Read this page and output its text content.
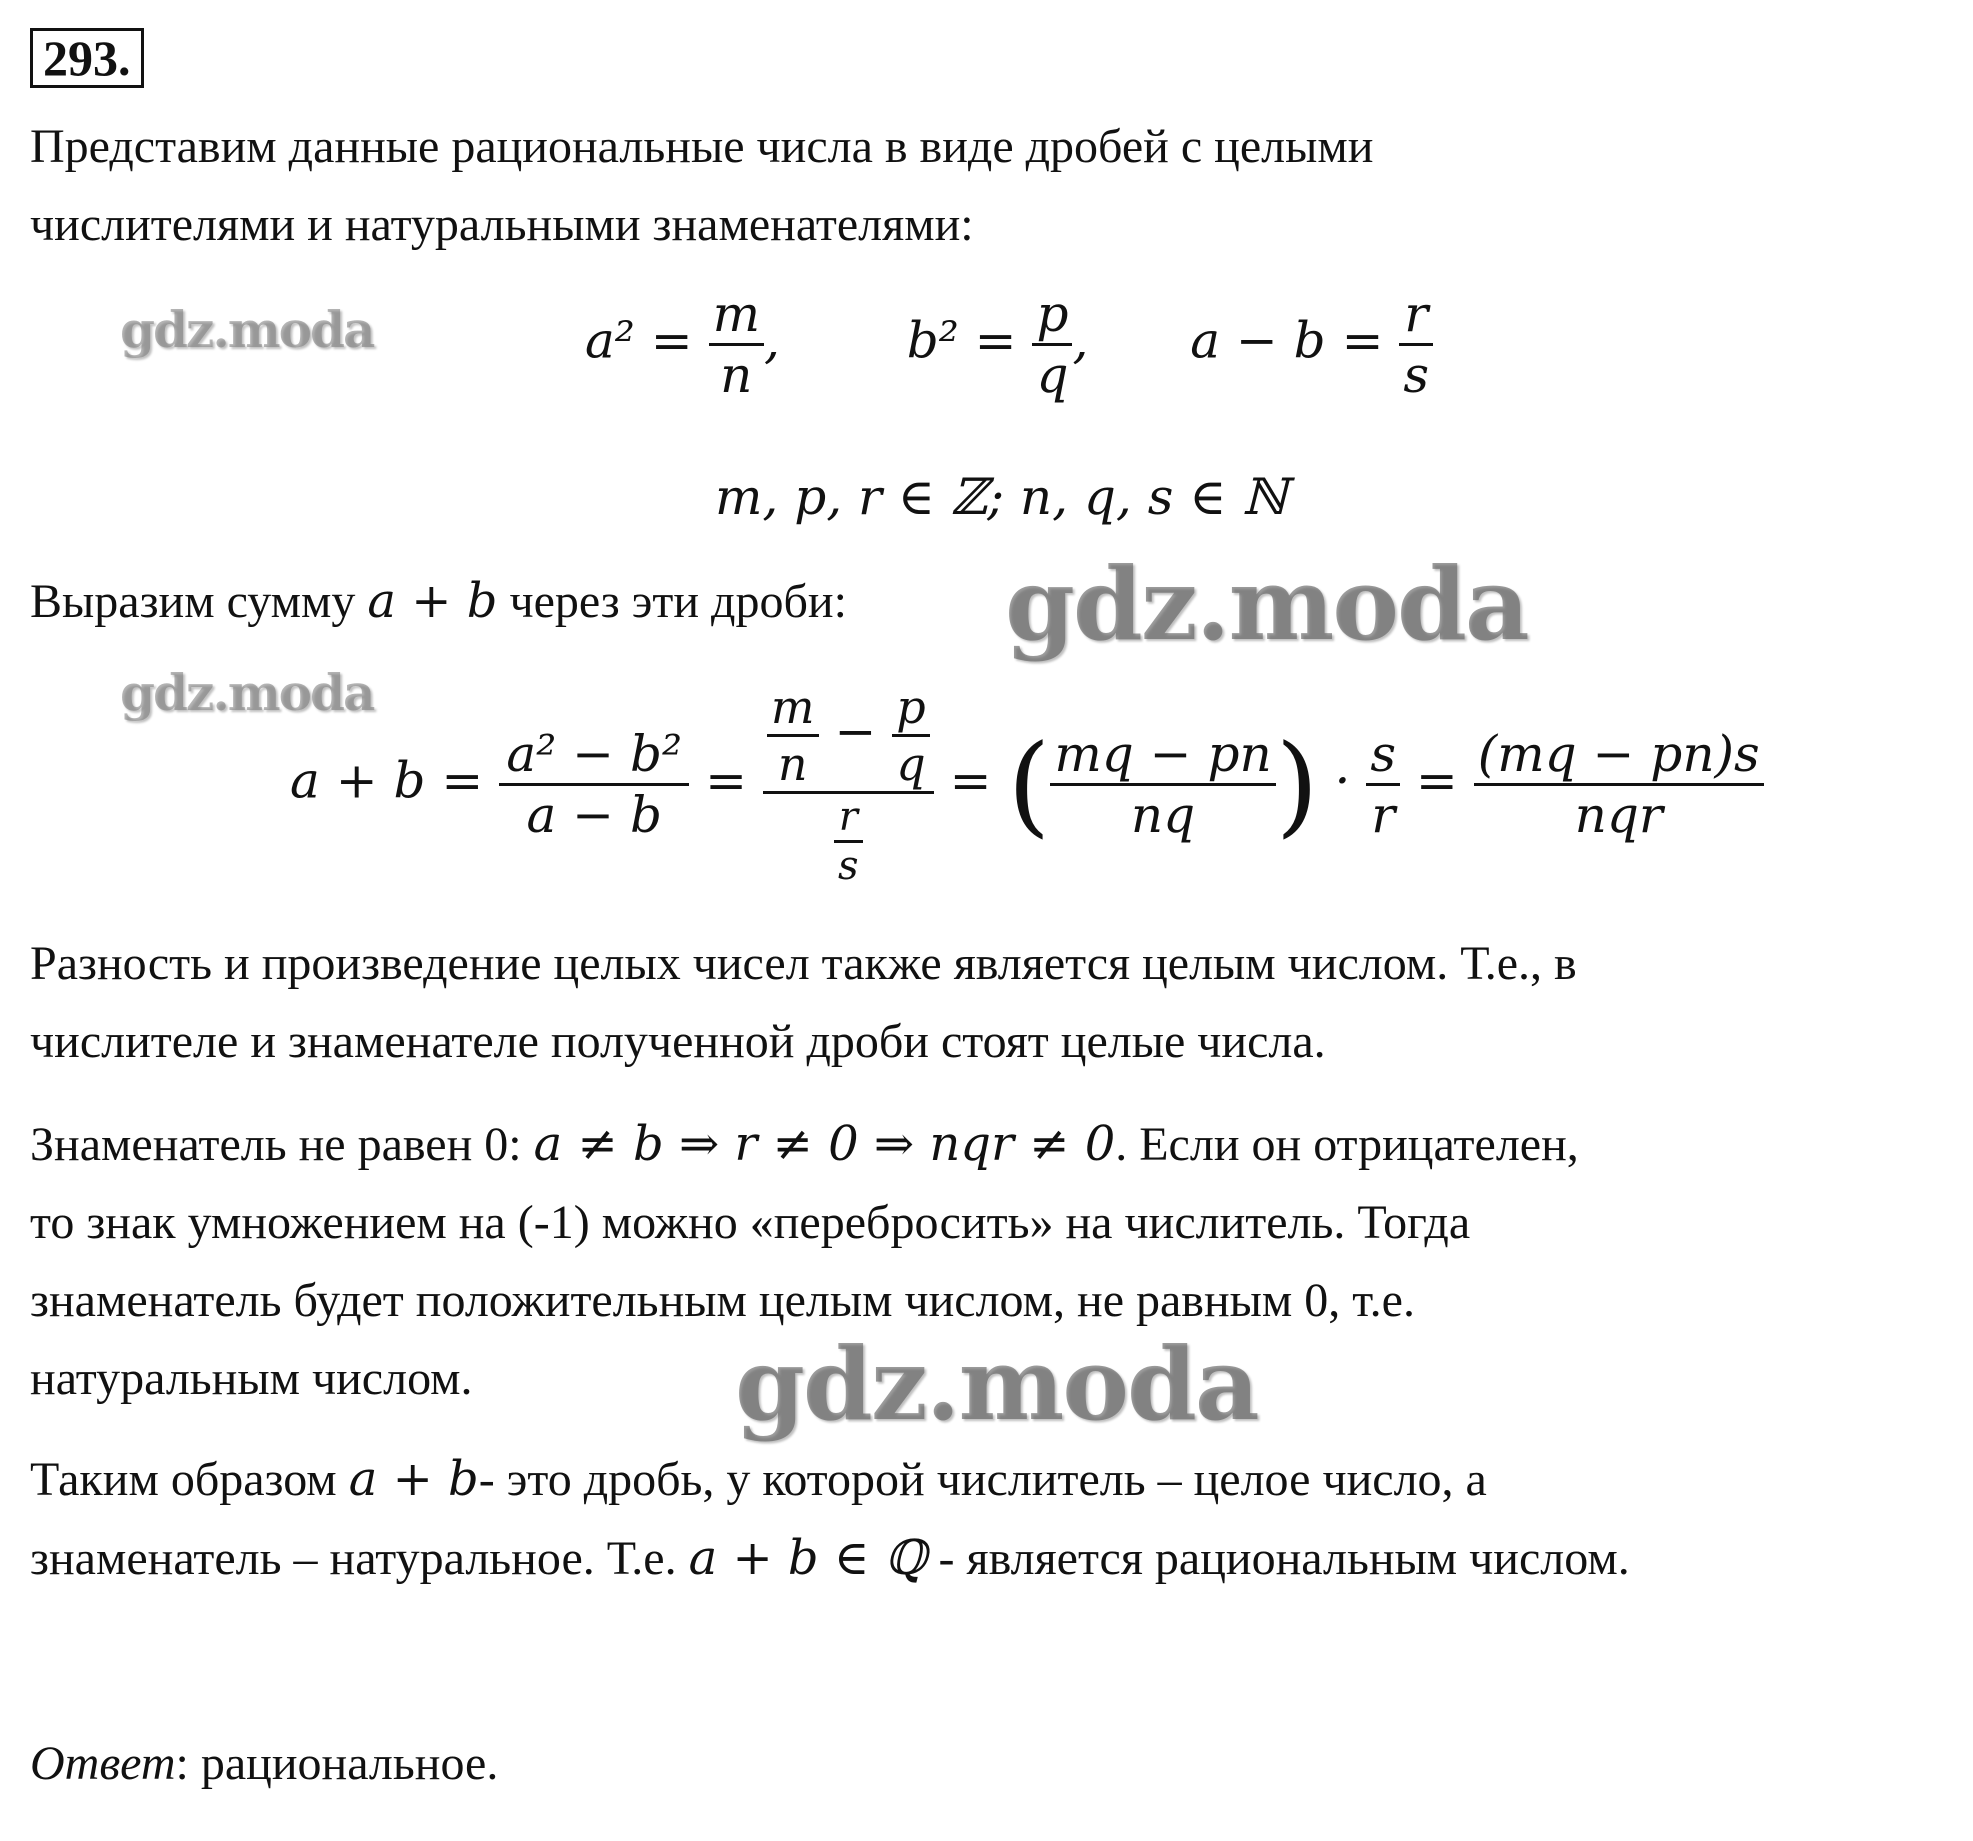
293.
Представим данные рациональные числа в виде дробей с целыми
числителями и натуральными знаменателями:
gdz.moda	$a^2 = \frac{m}{n}$ ,	$b^2 = \frac{p}{q}$ , $a - b = \frac{r}{s}$
m, p, r ∈ ℤ; n, q, s ∈ ℕ
Выразим сумму a + b через эти дроби: gdz.moda
gdz.moda
$a + b = \frac{\text{a² − b²}}{a - b} = \frac{\frac{m}{n} - \frac{p}{q}}{\frac{r}{s}}$ = ( $\frac{mq - pn}{nq}$ ) · $\frac{s}{r} = \frac{(mq - pn)s}{\text{nqr}}$
Разность и произведение целых чисел также является целым числом. Т.е., в
числителе и знаменателе полученной дроби стоят целые числа.
Знаменатель не равен 0: a ≠ b ⇒ r ≠ 0 ⇒ nqr ≠ 0. Если он отрицателен,
то знак умножением на (-1) можно «перебросить» на числитель. Тогда
знаменатель будет положительным целым числом, не равным 0, т.е.
натуральным числом.	gdz.moda
Таким образом a + b- это дробь, у которой числитель – целое число, а
знаменатель – натуральное. Т.е. a + b ∈ ℚ - является рациональным числом.
Ответ: рациональное.
